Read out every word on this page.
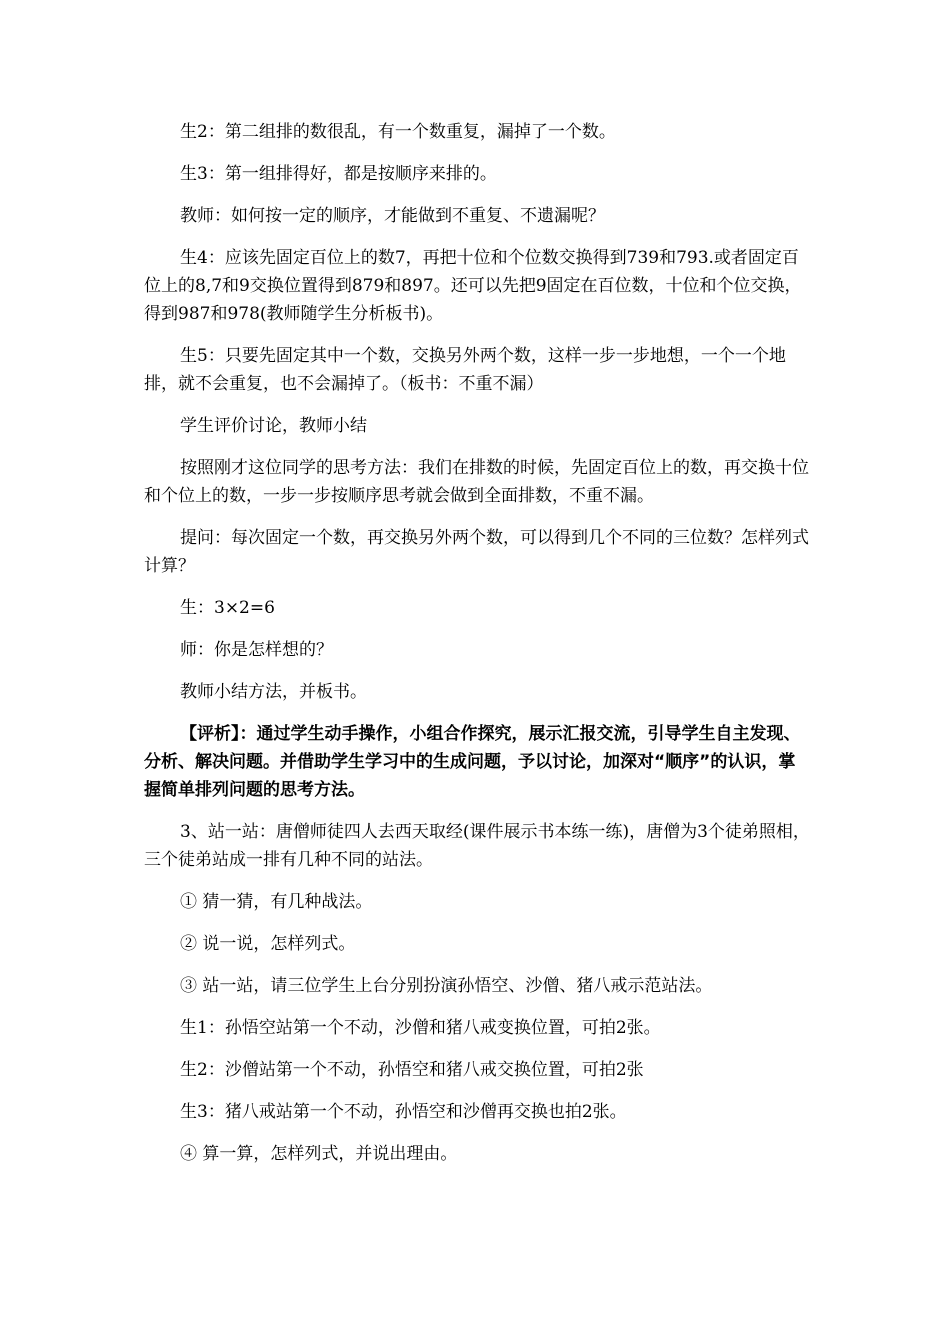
生2：第二组排的数很乱，有一个数重复，漏掉了一个数。

生3：第一组排得好，都是按顺序来排的。

教师：如何按一定的顺序，才能做到不重复、不遗漏呢？

生4：应该先固定百位上的数7，再把十位和个位数交换得到739和793.或者固定百位上的8,7和9交换位置得到879和897。还可以先把9固定在百位数，十位和个位交换，得到987和978(教师随学生分析板书)。

生5：只要先固定其中一个数，交换另外两个数，这样一步一步地想，一个一个地排，就不会重复，也不会漏掉了。（板书：不重不漏）

学生评价讨论，教师小结

按照刚才这位同学的思考方法：我们在排数的时候，先固定百位上的数，再交换十位和个位上的数，一步一步按顺序思考就会做到全面排数，不重不漏。

提问：每次固定一个数，再交换另外两个数，可以得到几个不同的三位数？怎样列式计算？

生：3×2=6

师：你是怎样想的？

教师小结方法，并板书。

【评析】：通过学生动手操作，小组合作探究，展示汇报交流，引导学生自主发现、分析、解决问题。并借助学生学习中的生成问题，予以讨论，加深对“顺序”的认识，掌握简单排列问题的思考方法。

3、站一站：唐僧师徒四人去西天取经(课件展示书本练一练)，唐僧为3个徒弟照相，三个徒弟站成一排有几种不同的站法。

① 猜一猜，有几种战法。

② 说一说，怎样列式。

③ 站一站，请三位学生上台分别扮演孙悟空、沙僧、猪八戒示范站法。

生1：孙悟空站第一个不动，沙僧和猪八戒变换位置，可拍2张。

生2：沙僧站第一个不动，孙悟空和猪八戒交换位置，可拍2张

生3：猪八戒站第一个不动，孙悟空和沙僧再交换也拍2张。

④ 算一算，怎样列式，并说出理由。
